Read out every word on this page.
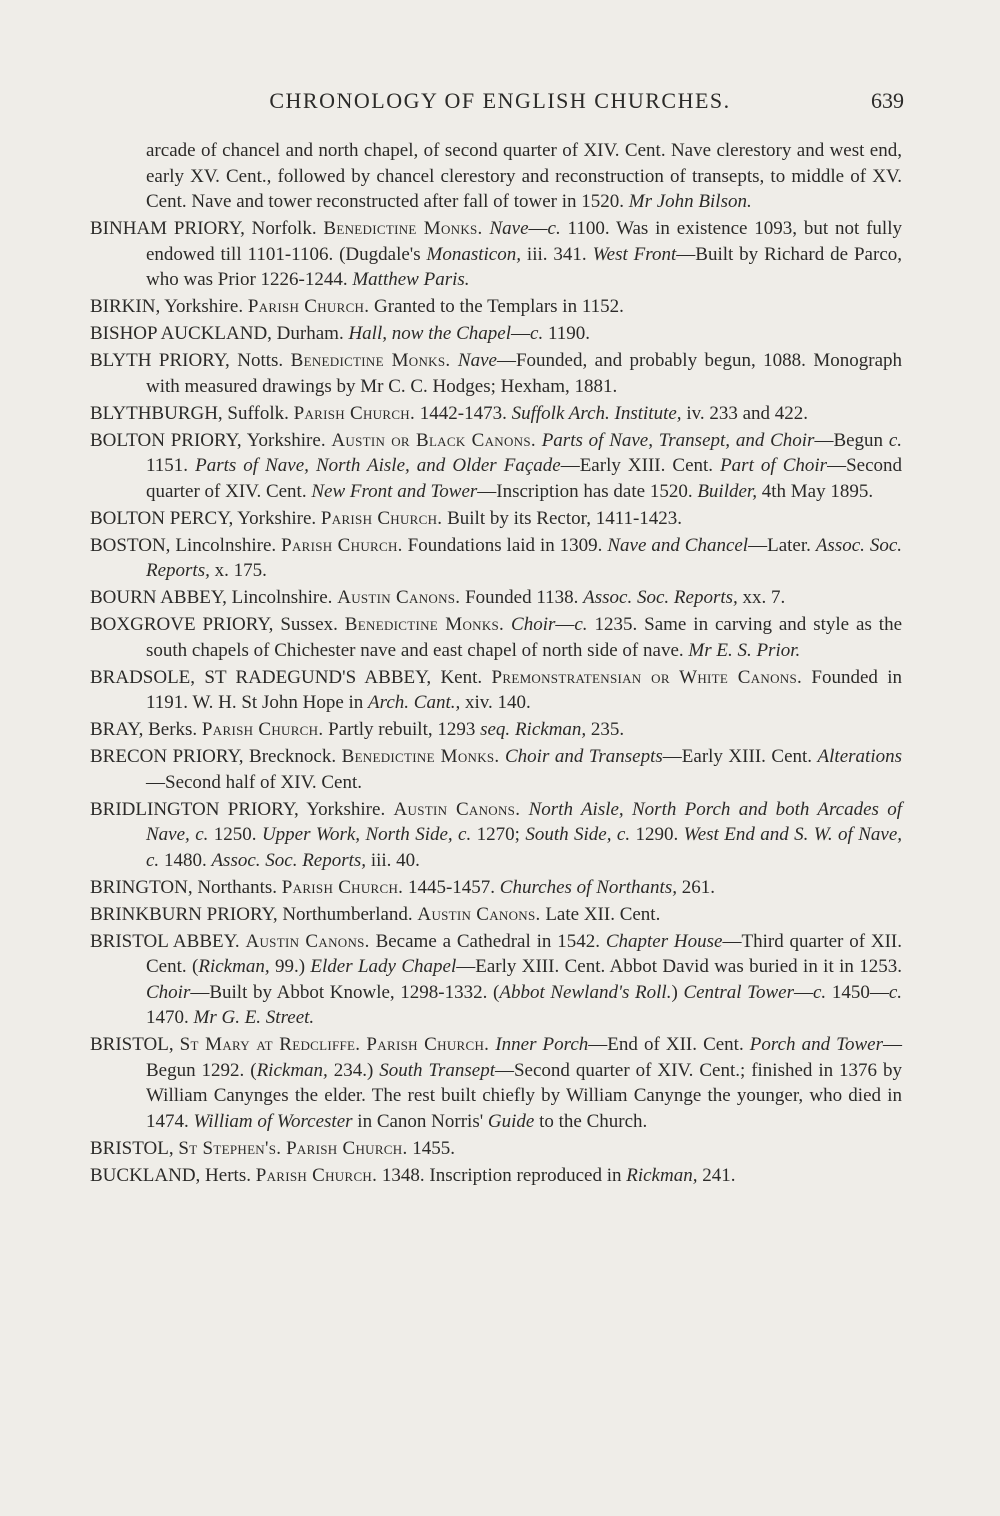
CHRONOLOGY OF ENGLISH CHURCHES.	639

arcade of chancel and north chapel, of second quarter of XIV. Cent. Nave clerestory and west end, early XV. Cent., followed by chancel clerestory and reconstruction of transepts, to middle of XV. Cent. Nave and tower reconstructed after fall of tower in 1520. Mr John Bilson.

BINHAM PRIORY, Norfolk. Benedictine Monks. Nave—c. 1100. Was in existence 1093, but not fully endowed till 1101-1106. (Dugdale's Monasticon, iii. 341. West Front—Built by Richard de Parco, who was Prior 1226-1244. Matthew Paris.

BIRKIN, Yorkshire. Parish Church. Granted to the Templars in 1152.

BISHOP AUCKLAND, Durham. Hall, now the Chapel—c. 1190.

BLYTH PRIORY, Notts. Benedictine Monks. Nave—Founded, and probably begun, 1088. Monograph with measured drawings by Mr C. C. Hodges; Hexham, 1881.

BLYTHBURGH, Suffolk. Parish Church. 1442-1473. Suffolk Arch. Institute, iv. 233 and 422.

BOLTON PRIORY, Yorkshire. Austin or Black Canons. Parts of Nave, Transept, and Choir—Begun c. 1151. Parts of Nave, North Aisle, and Older Façade—Early XIII. Cent. Part of Choir—Second quarter of XIV. Cent. New Front and Tower—Inscription has date 1520. Builder, 4th May 1895.

BOLTON PERCY, Yorkshire. Parish Church. Built by its Rector, 1411-1423.

BOSTON, Lincolnshire. Parish Church. Foundations laid in 1309. Nave and Chancel—Later. Assoc. Soc. Reports, x. 175.

BOURN ABBEY, Lincolnshire. Austin Canons. Founded 1138. Assoc. Soc. Reports, xx. 7.

BOXGROVE PRIORY, Sussex. Benedictine Monks. Choir—c. 1235. Same in carving and style as the south chapels of Chichester nave and east chapel of north side of nave. Mr E. S. Prior.

BRADSOLE, ST RADEGUND'S ABBEY, Kent. Premonstratensian or White Canons. Founded in 1191. W. H. St John Hope in Arch. Cant., xiv. 140.

BRAY, Berks. Parish Church. Partly rebuilt, 1293 seq. Rickman, 235.

BRECON PRIORY, Brecknock. Benedictine Monks. Choir and Transepts—Early XIII. Cent. Alterations—Second half of XIV. Cent.

BRIDLINGTON PRIORY, Yorkshire. Austin Canons. North Aisle, North Porch and both Arcades of Nave, c. 1250. Upper Work, North Side, c. 1270; South Side, c. 1290. West End and S. W. of Nave, c. 1480. Assoc. Soc. Reports, iii. 40.

BRINGTON, Northants. Parish Church. 1445-1457. Churches of Northants, 261.

BRINKBURN PRIORY, Northumberland. Austin Canons. Late XII. Cent.

BRISTOL ABBEY. Austin Canons. Became a Cathedral in 1542. Chapter House—Third quarter of XII. Cent. (Rickman, 99.) Elder Lady Chapel—Early XIII. Cent. Abbot David was buried in it in 1253. Choir—Built by Abbot Knowle, 1298-1332. (Abbot Newland's Roll.) Central Tower—c. 1450—c. 1470. Mr G. E. Street.

BRISTOL, St Mary at Redcliffe. Parish Church. Inner Porch—End of XII. Cent. Porch and Tower—Begun 1292. (Rickman, 234.) South Transept—Second quarter of XIV. Cent.; finished in 1376 by William Canynges the elder. The rest built chiefly by William Canynge the younger, who died in 1474. William of Worcester in Canon Norris' Guide to the Church.

BRISTOL, St Stephen's. Parish Church. 1455.

BUCKLAND, Herts. Parish Church. 1348. Inscription reproduced in Rickman, 241.
